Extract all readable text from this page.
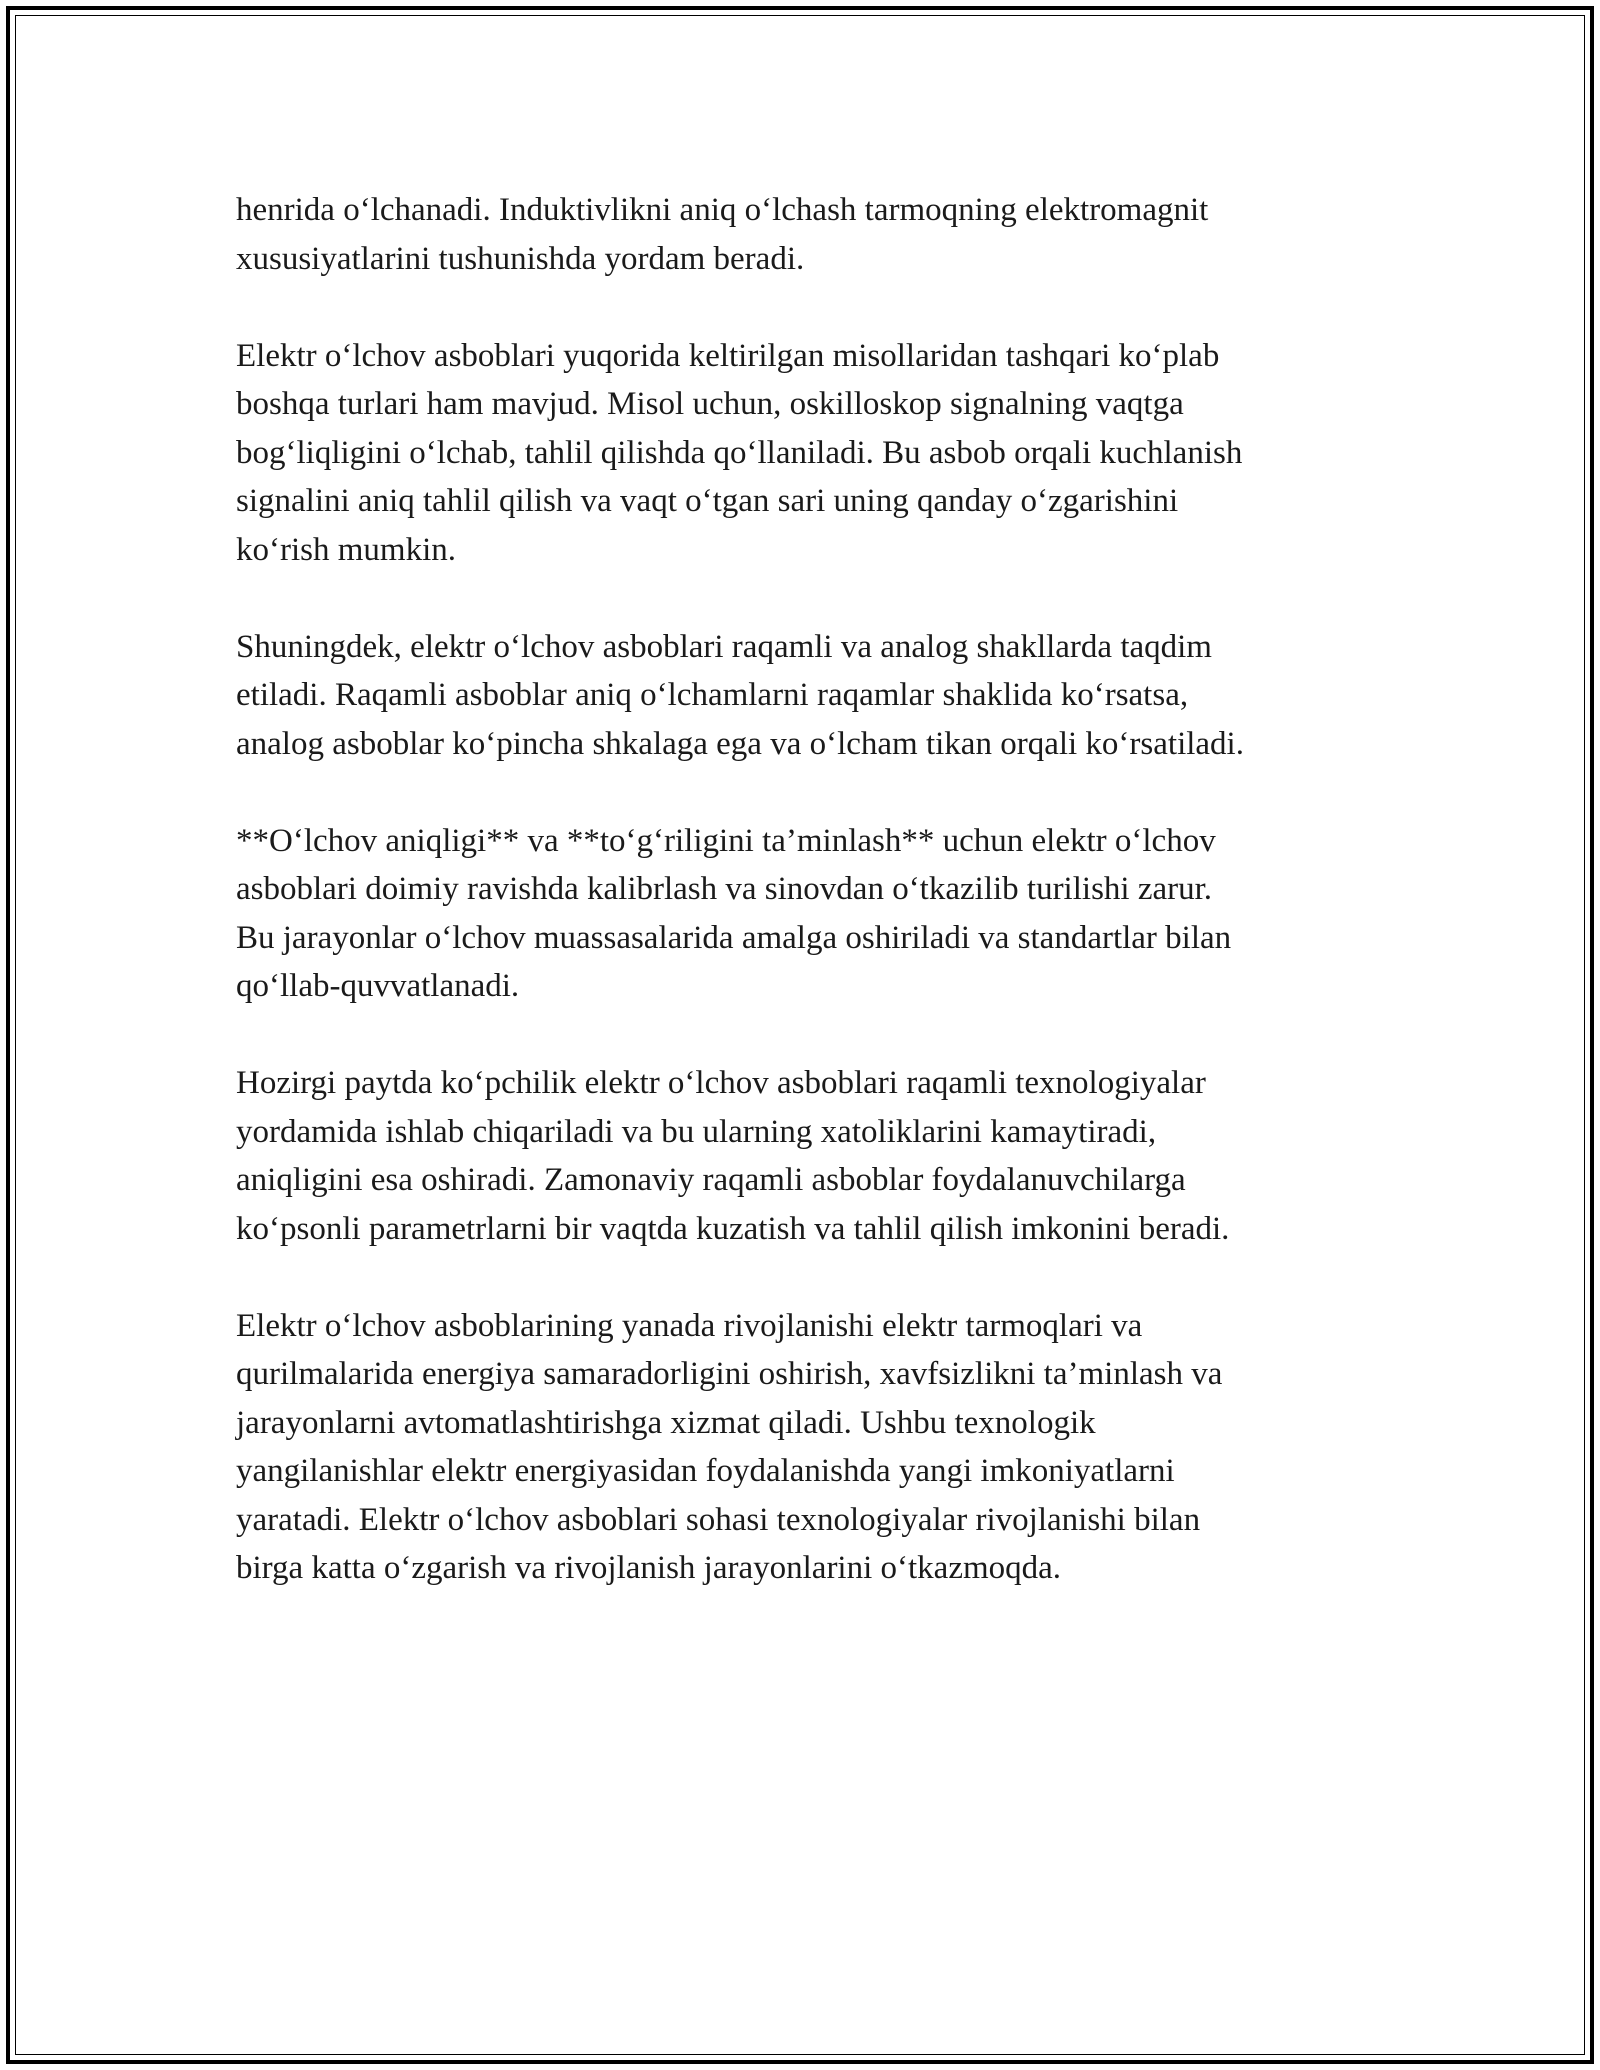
henrida o‘lchanadi. Induktivlikni aniq o‘lchash tarmoqning elektromagnit
xususiyatlarini tushunishda yordam beradi.

Elektr o‘lchov asboblari yuqorida keltirilgan misollaridan tashqari ko‘plab
boshqa turlari ham mavjud. Misol uchun, oskilloskop signalning vaqtga
bog‘liqligini o‘lchab, tahlil qilishda qo‘llaniladi. Bu asbob orqali kuchlanish
signalini aniq tahlil qilish va vaqt o‘tgan sari uning qanday o‘zgarishini
ko‘rish mumkin.

Shuningdek, elektr o‘lchov asboblari raqamli va analog shakllarda taqdim
etiladi. Raqamli asboblar aniq o‘lchamlarni raqamlar shaklida ko‘rsatsa,
analog asboblar ko‘pincha shkalaga ega va o‘lcham tikan orqali ko‘rsatiladi.

**O‘lchov aniqligi** va **to‘g‘riligini ta’minlash** uchun elektr o‘lchov
asboblari doimiy ravishda kalibrlash va sinovdan o‘tkazilib turilishi zarur.
Bu jarayonlar o‘lchov muassasalarida amalga oshiriladi va standartlar bilan
qo‘llab-quvvatlanadi.

Hozirgi paytda ko‘pchilik elektr o‘lchov asboblari raqamli texnologiyalar
yordamida ishlab chiqariladi va bu ularning xatoliklarini kamaytiradi,
aniqligini esa oshiradi. Zamonaviy raqamli asboblar foydalanuvchilarga
ko‘psonli parametrlarni bir vaqtda kuzatish va tahlil qilish imkonini beradi.

Elektr o‘lchov asboblarining yanada rivojlanishi elektr tarmoqlari va
qurilmalarida energiya samaradorligini oshirish, xavfsizlikni ta’minlash va
jarayonlarni avtomatlashtirishga xizmat qiladi. Ushbu texnologik
yangilanishlar elektr energiyasidan foydalanishda yangi imkoniyatlarni
yaratadi. Elektr o‘lchov asboblari sohasi texnologiyalar rivojlanishi bilan
birga katta o‘zgarish va rivojlanish jarayonlarini o‘tkazmoqda.
